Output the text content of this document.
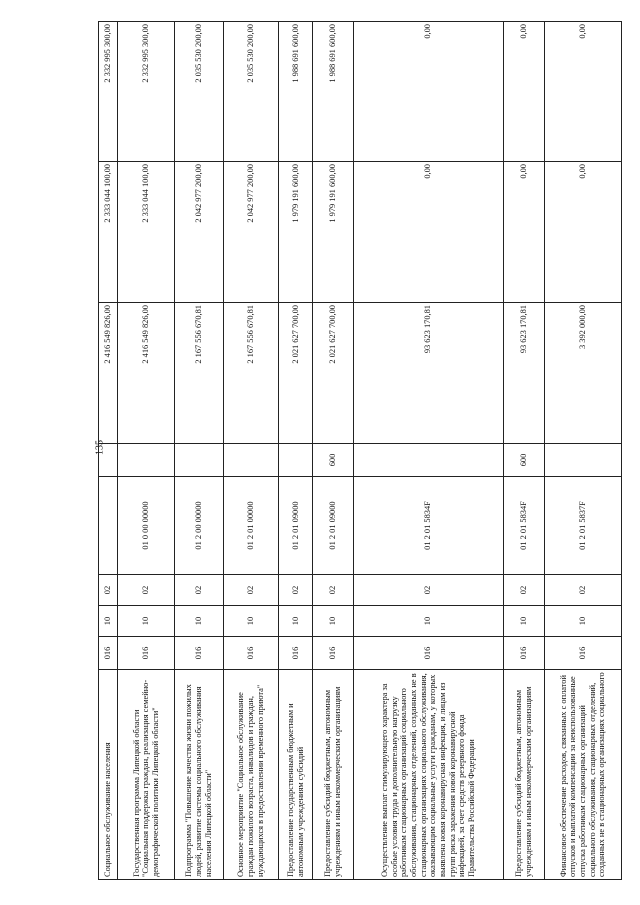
135
Социальное обслуживание населения	016	10	02			2 416 549 826,00	2 333 044 100,00	2 332 995 300,00
Государственная программа Липецкой области "Социальная поддержка граждан, реализация семейно-демографической политики Липецкой области"	016	10	02	01 0 00 00000		2 416 549 826,00	2 333 044 100,00	2 332 995 300,00
Подпрограмма "Повышение качества жизни пожилых людей, развитие системы социального обслуживания населения Липецкой области"	016	10	02	01 2 00 00000		2 167 556 670,81	2 042 977 200,00	2 035 530 200,00
Основное мероприятие "Социальное обслуживание граждан пожилого возраста, инвалидов и граждан, нуждающихся в предоставлении временного приюта"	016	10	02	01 2 01 00000		2 167 556 670,81	2 042 977 200,00	2 035 530 200,00
Предоставление государственным бюджетным и автономным учреждениям субсидий	016	10	02	01 2 01 09000		2 021 627 700,00	1 979 191 600,00	1 988 691 600,00
Предоставление субсидий бюджетным, автономным учреждениям и иным некоммерческим организациям	016	10	02	01 2 01 09000	600	2 021 627 700,00	1 979 191 600,00	1 988 691 600,00
Осуществление выплат стимулирующего характера за особые условия труда и дополнительную нагрузку работникам стационарных организаций социального обслуживания, стационарных отделений, созданных не в стационарных организациях социального обслуживания, оказывающим социальные услуги гражданам, у которых выявлена новая коронавирусная инфекция, и лицам из групп риска заражения новой коронавирусной инфекцией, за счет средств резервного фонда Правительства Российской Федерации	016	10	02	01 2 01 5834F		93 623 170,81	0,00	0,00
Предоставление субсидий бюджетным, автономным учреждениям и иным некоммерческим организациям	016	10	02	01 2 01 5834F	600	93 623 170,81	0,00	0,00
Финансовое обеспечение расходов, связанных с оплатой отпусков и выплатой компенсации за неиспользованные отпуска работникам стационарных организаций социального обслуживания, стационарных отделений, созданных не в стационарных организациях социального	016	10	02	01 2 01 5837F		3 392 000,00	0,00	0,00
